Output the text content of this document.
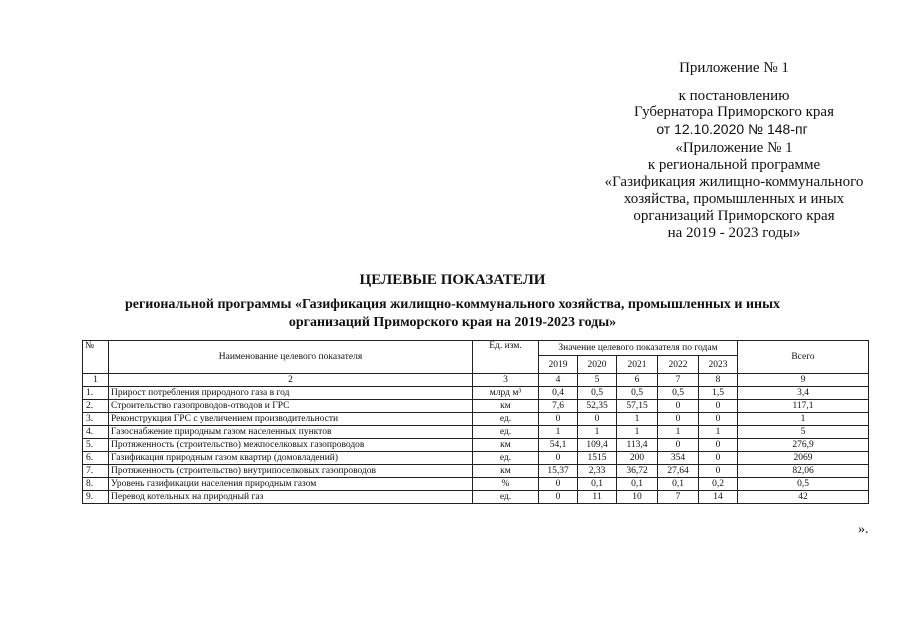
Приложение № 1
к постановлению
Губернатора Приморского края
от 12.10.2020 № 148-пг
«Приложение № 1
к региональной программе
«Газификация жилищно-коммунального
хозяйства, промышленных и иных
организаций Приморского края
на 2019 - 2023 годы»
ЦЕЛЕВЫЕ ПОКАЗАТЕЛИ
региональной программы «Газификация жилищно-коммунального хозяйства, промышленных и иных
организаций Приморского края на 2019-2023 годы»
№	Наименование целевого показателя	Ед. изм.	Значение целевого показателя по годам					Всего
			2019	2020	2021	2022	2023	
1	2	3	4	5	6	7	8	9
1.	Прирост потребления природного газа в год	млрд м³	0,4	0,5	0,5	0,5	1,5	3,4
2.	Строительство газопроводов-отводов и ГРС	км	7,6	52,35	57,15	0	0	117,1
3.	Реконструкция ГРС с увеличением производительности	ед.	0	0	1	0	0	1
4.	Газоснабжение природным газом населенных пунктов	ед.	1	1	1	1	1	5
5.	Протяженность (строительство) межпоселковых газопроводов	км	54,1	109,4	113,4	0	0	276,9
6.	Газификация природным газом квартир (домовладений)	ед.	0	1515	200	354	0	2069
7.	Протяженность (строительство) внутрипоселковых газопроводов	км	15,37	2,33	36,72	27,64	0	82,06
8.	Уровень газификации населения природным газом	%	0	0,1	0,1	0,1	0,2	0,5
9.	Перевод котельных на природный газ	ед.	0	11	10	7	14	42
».
